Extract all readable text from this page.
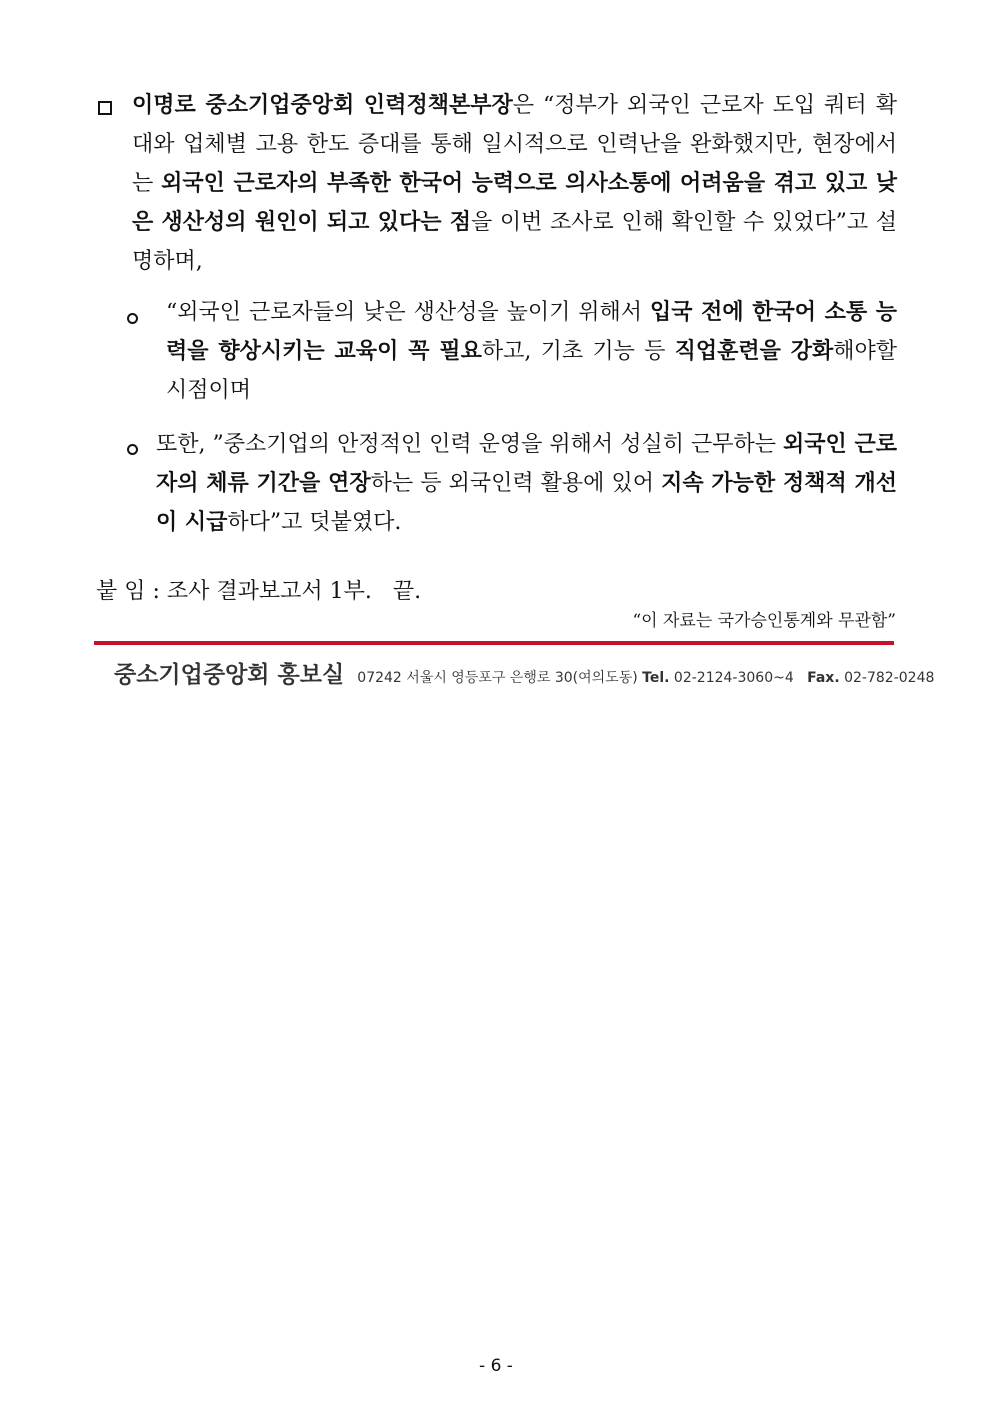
이명로 중소기업중앙회 인력정책본부장은 “정부가 외국인 근로자 도입 쿼터 확대와 업체별 고용 한도 증대를 통해 일시적으로 인력난을 완화했지만, 현장에서는 외국인 근로자의 부족한 한국어 능력으로 의사소통에 어려움을 겪고 있고 낮은 생산성의 원인이 되고 있다는 점을 이번 조사로 인해 확인할 수 있었다”고 설명하며,
“외국인 근로자들의 낮은 생산성을 높이기 위해서 입국 전에 한국어 소통 능력을 향상시키는 교육이 꼭 필요하고, 기초 기능 등 직업훈련을 강화해야할 시점이며
또한, ”중소기업의 안정적인 인력 운영을 위해서 성실히 근무하는 외국인 근로자의 체류 기간을 연장하는 등 외국인력 활용에 있어 지속 가능한 정책적 개선이 시급하다”고 덧붙였다.
붙 임 : 조사 결과보고서 1부.   끝.
“이 자료는 국가승인통계와 무관함”
중소기업중앙회 홍보실 07242 서울시 영등포구 은행로 30(여의도동) Tel. 02-2124-3060~4 Fax. 02-782-0248
- 6 -
